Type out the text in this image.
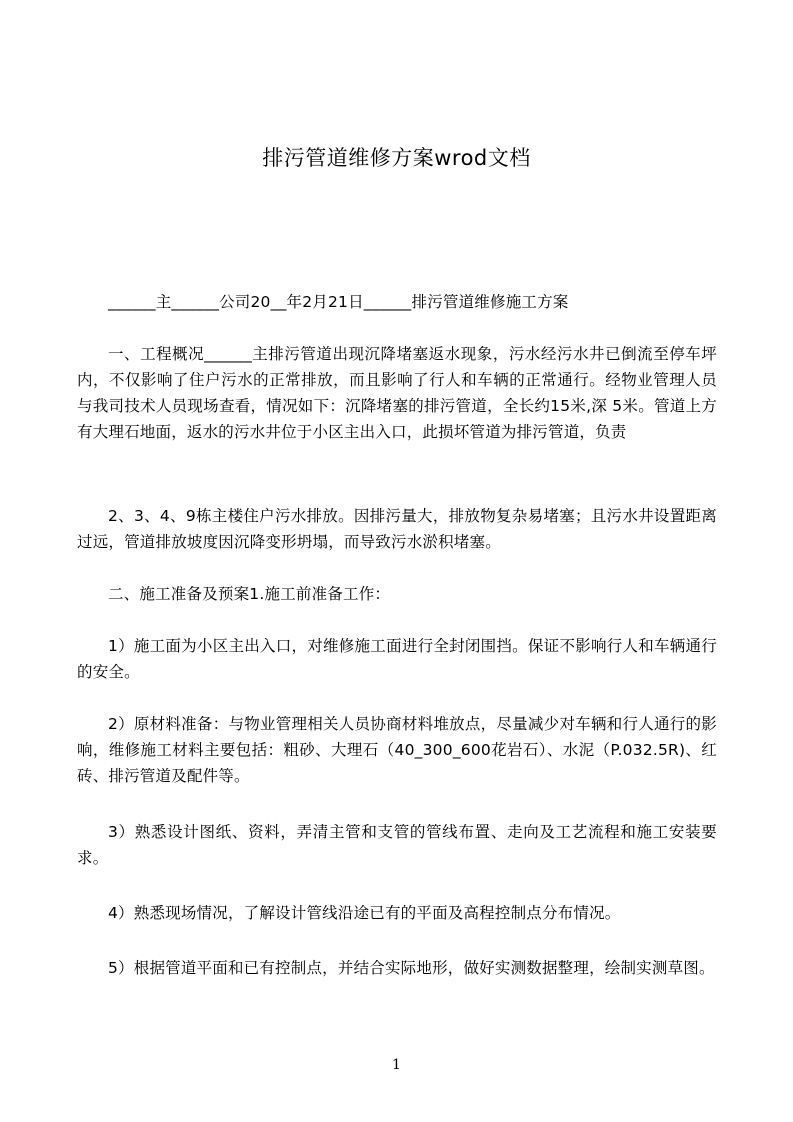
排污管道维修方案wrod文档

______主______公司20__年2月21日______排污管道维修施工方案

一、工程概况______主排污管道出现沉降堵塞返水现象，污水经污水井已倒流至停车坪内，不仅影响了住户污水的正常排放，而且影响了行人和车辆的正常通行。经物业管理人员与我司技术人员现场查看，情况如下：沉降堵塞的排污管道，全长约15米,深 5米。管道上方有大理石地面，返水的污水井位于小区主出入口，此损坏管道为排污管道，负责

2、3、4、9栋主楼住户污水排放。因排污量大，排放物复杂易堵塞；且污水井设置距离过远，管道排放坡度因沉降变形坍塌，而导致污水淤积堵塞。

二、施工准备及预案1.施工前准备工作：

1）施工面为小区主出入口，对维修施工面进行全封闭围挡。保证不影响行人和车辆通行的安全。

2）原材料准备：与物业管理相关人员协商材料堆放点，尽量减少对车辆和行人通行的影响，维修施工材料主要包括：粗砂、大理石（40_300_600花岩石）、水泥（P.032.5R)、红砖、排污管道及配件等。

3）熟悉设计图纸、资料，弄清主管和支管的管线布置、走向及工艺流程和施工安装要求。

4）熟悉现场情况，了解设计管线沿途已有的平面及高程控制点分布情况。

5）根据管道平面和已有控制点，并结合实际地形，做好实测数据整理，绘制实测草图。

1
